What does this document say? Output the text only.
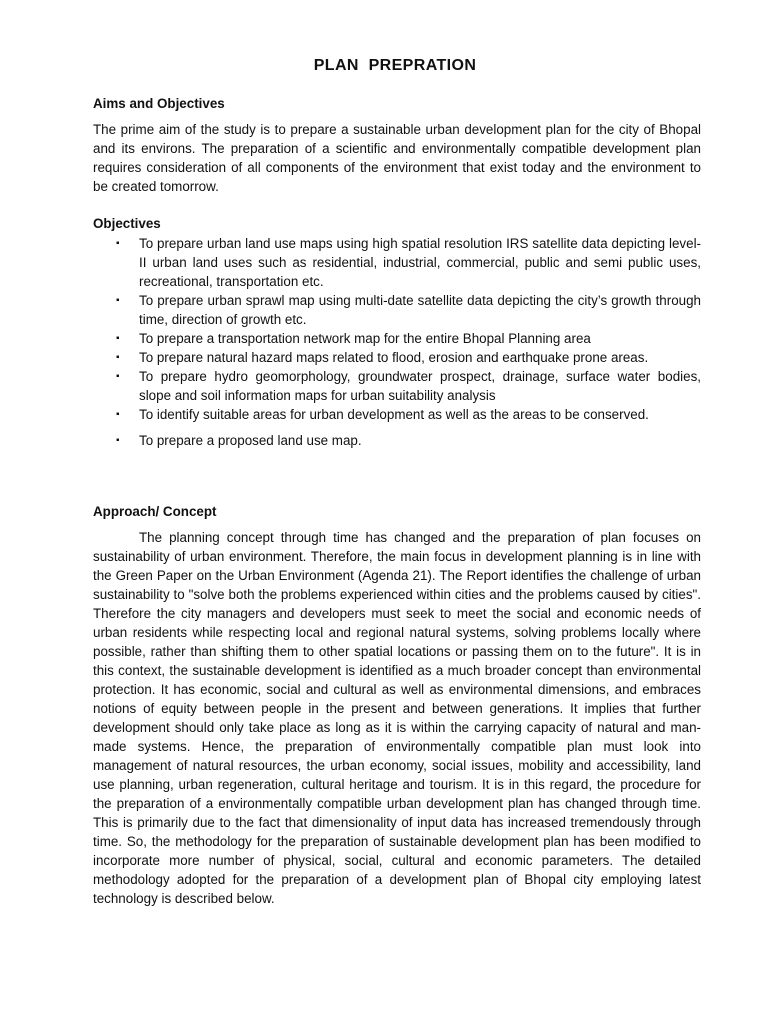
PLAN  PREPRATION
Aims and Objectives

The prime aim of the study is to prepare a sustainable urban development plan for the city of Bhopal and its environs. The preparation of a scientific and environmentally compatible development plan requires consideration of all components of the environment that exist today and the environment to be created tomorrow.

Objectives
▪ To prepare urban land use maps using high spatial resolution IRS satellite data depicting level-II urban land uses such as residential, industrial, commercial, public and semi public uses, recreational, transportation etc.
▪ To prepare urban sprawl map using multi-date satellite data depicting the city’s growth through time, direction of growth etc.
▪ To prepare a transportation network map for the entire Bhopal Planning area
▪ To prepare natural hazard maps related to flood, erosion and earthquake prone areas.
▪ To prepare hydro geomorphology, groundwater prospect, drainage, surface water bodies, slope and soil information maps for urban suitability analysis
▪ To identify suitable areas for urban development as well as the areas to be conserved.
▪ To prepare a proposed land use map.
Approach/ Concept

The planning concept through time has changed and the preparation of plan focuses on sustainability of urban environment. Therefore, the main focus in development planning is in line with the Green Paper on the Urban Environment (Agenda 21). The Report identifies the challenge of urban sustainability to "solve both the problems experienced within cities and the problems caused by cities". Therefore the city managers and developers must seek to meet the social and economic needs of urban residents while respecting local and regional natural systems, solving problems locally where possible, rather than shifting them to other spatial locations or passing them on to the future". It is in this context, the sustainable development is identified as a much broader concept than environmental protection. It has economic, social and cultural as well as environmental dimensions, and embraces notions of equity between people in the present and between generations. It implies that further development should only take place as long as it is within the carrying capacity of natural and man-made systems. Hence, the preparation of environmentally compatible plan must look into management of natural resources, the urban economy, social issues, mobility and accessibility, land use planning, urban regeneration, cultural heritage and tourism. It is in this regard, the procedure for the preparation of a environmentally compatible urban development plan has changed through time. This is primarily due to the fact that dimensionality of input data has increased tremendously through time. So, the methodology for the preparation of sustainable development plan has been modified to incorporate more number of physical, social, cultural and economic parameters. The detailed methodology adopted for the preparation of a development plan of Bhopal city employing latest technology is described below.
